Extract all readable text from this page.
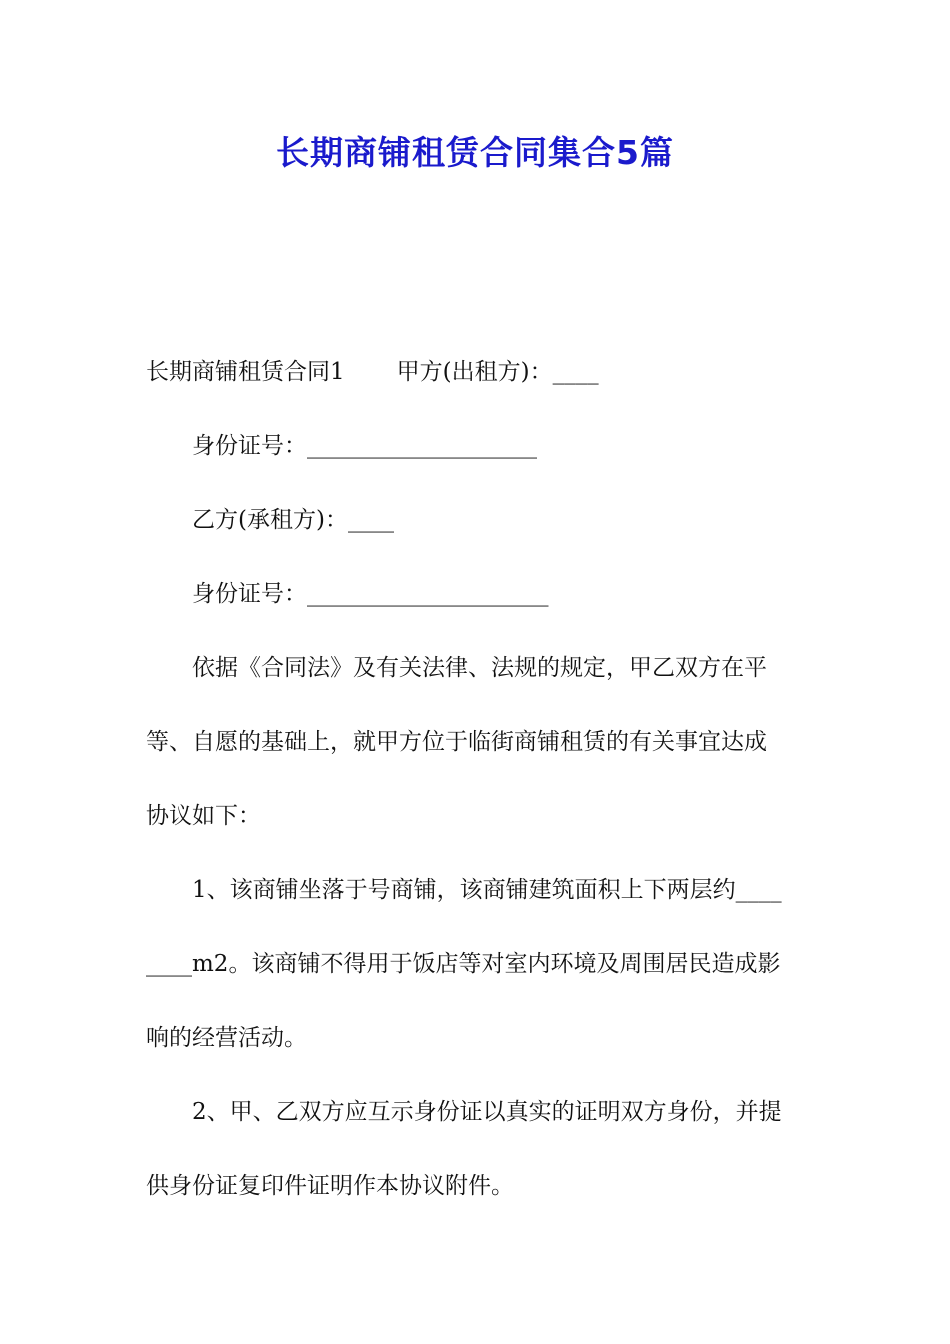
长期商铺租赁合同集合5篇
长期商铺租赁合同1 甲方(出租方)：____
身份证号：____________________
乙方(承租方)：____
身份证号：_____________________
依据《合同法》及有关法律、法规的规定，甲乙双方在平
等、自愿的基础上，就甲方位于临街商铺租赁的有关事宜达成
协议如下：
1、该商铺坐落于号商铺，该商铺建筑面积上下两层约____
____m2。该商铺不得用于饭店等对室内环境及周围居民造成影
响的经营活动。
2、甲、乙双方应互示身份证以真实的证明双方身份，并提
供身份证复印件证明作本协议附件。
